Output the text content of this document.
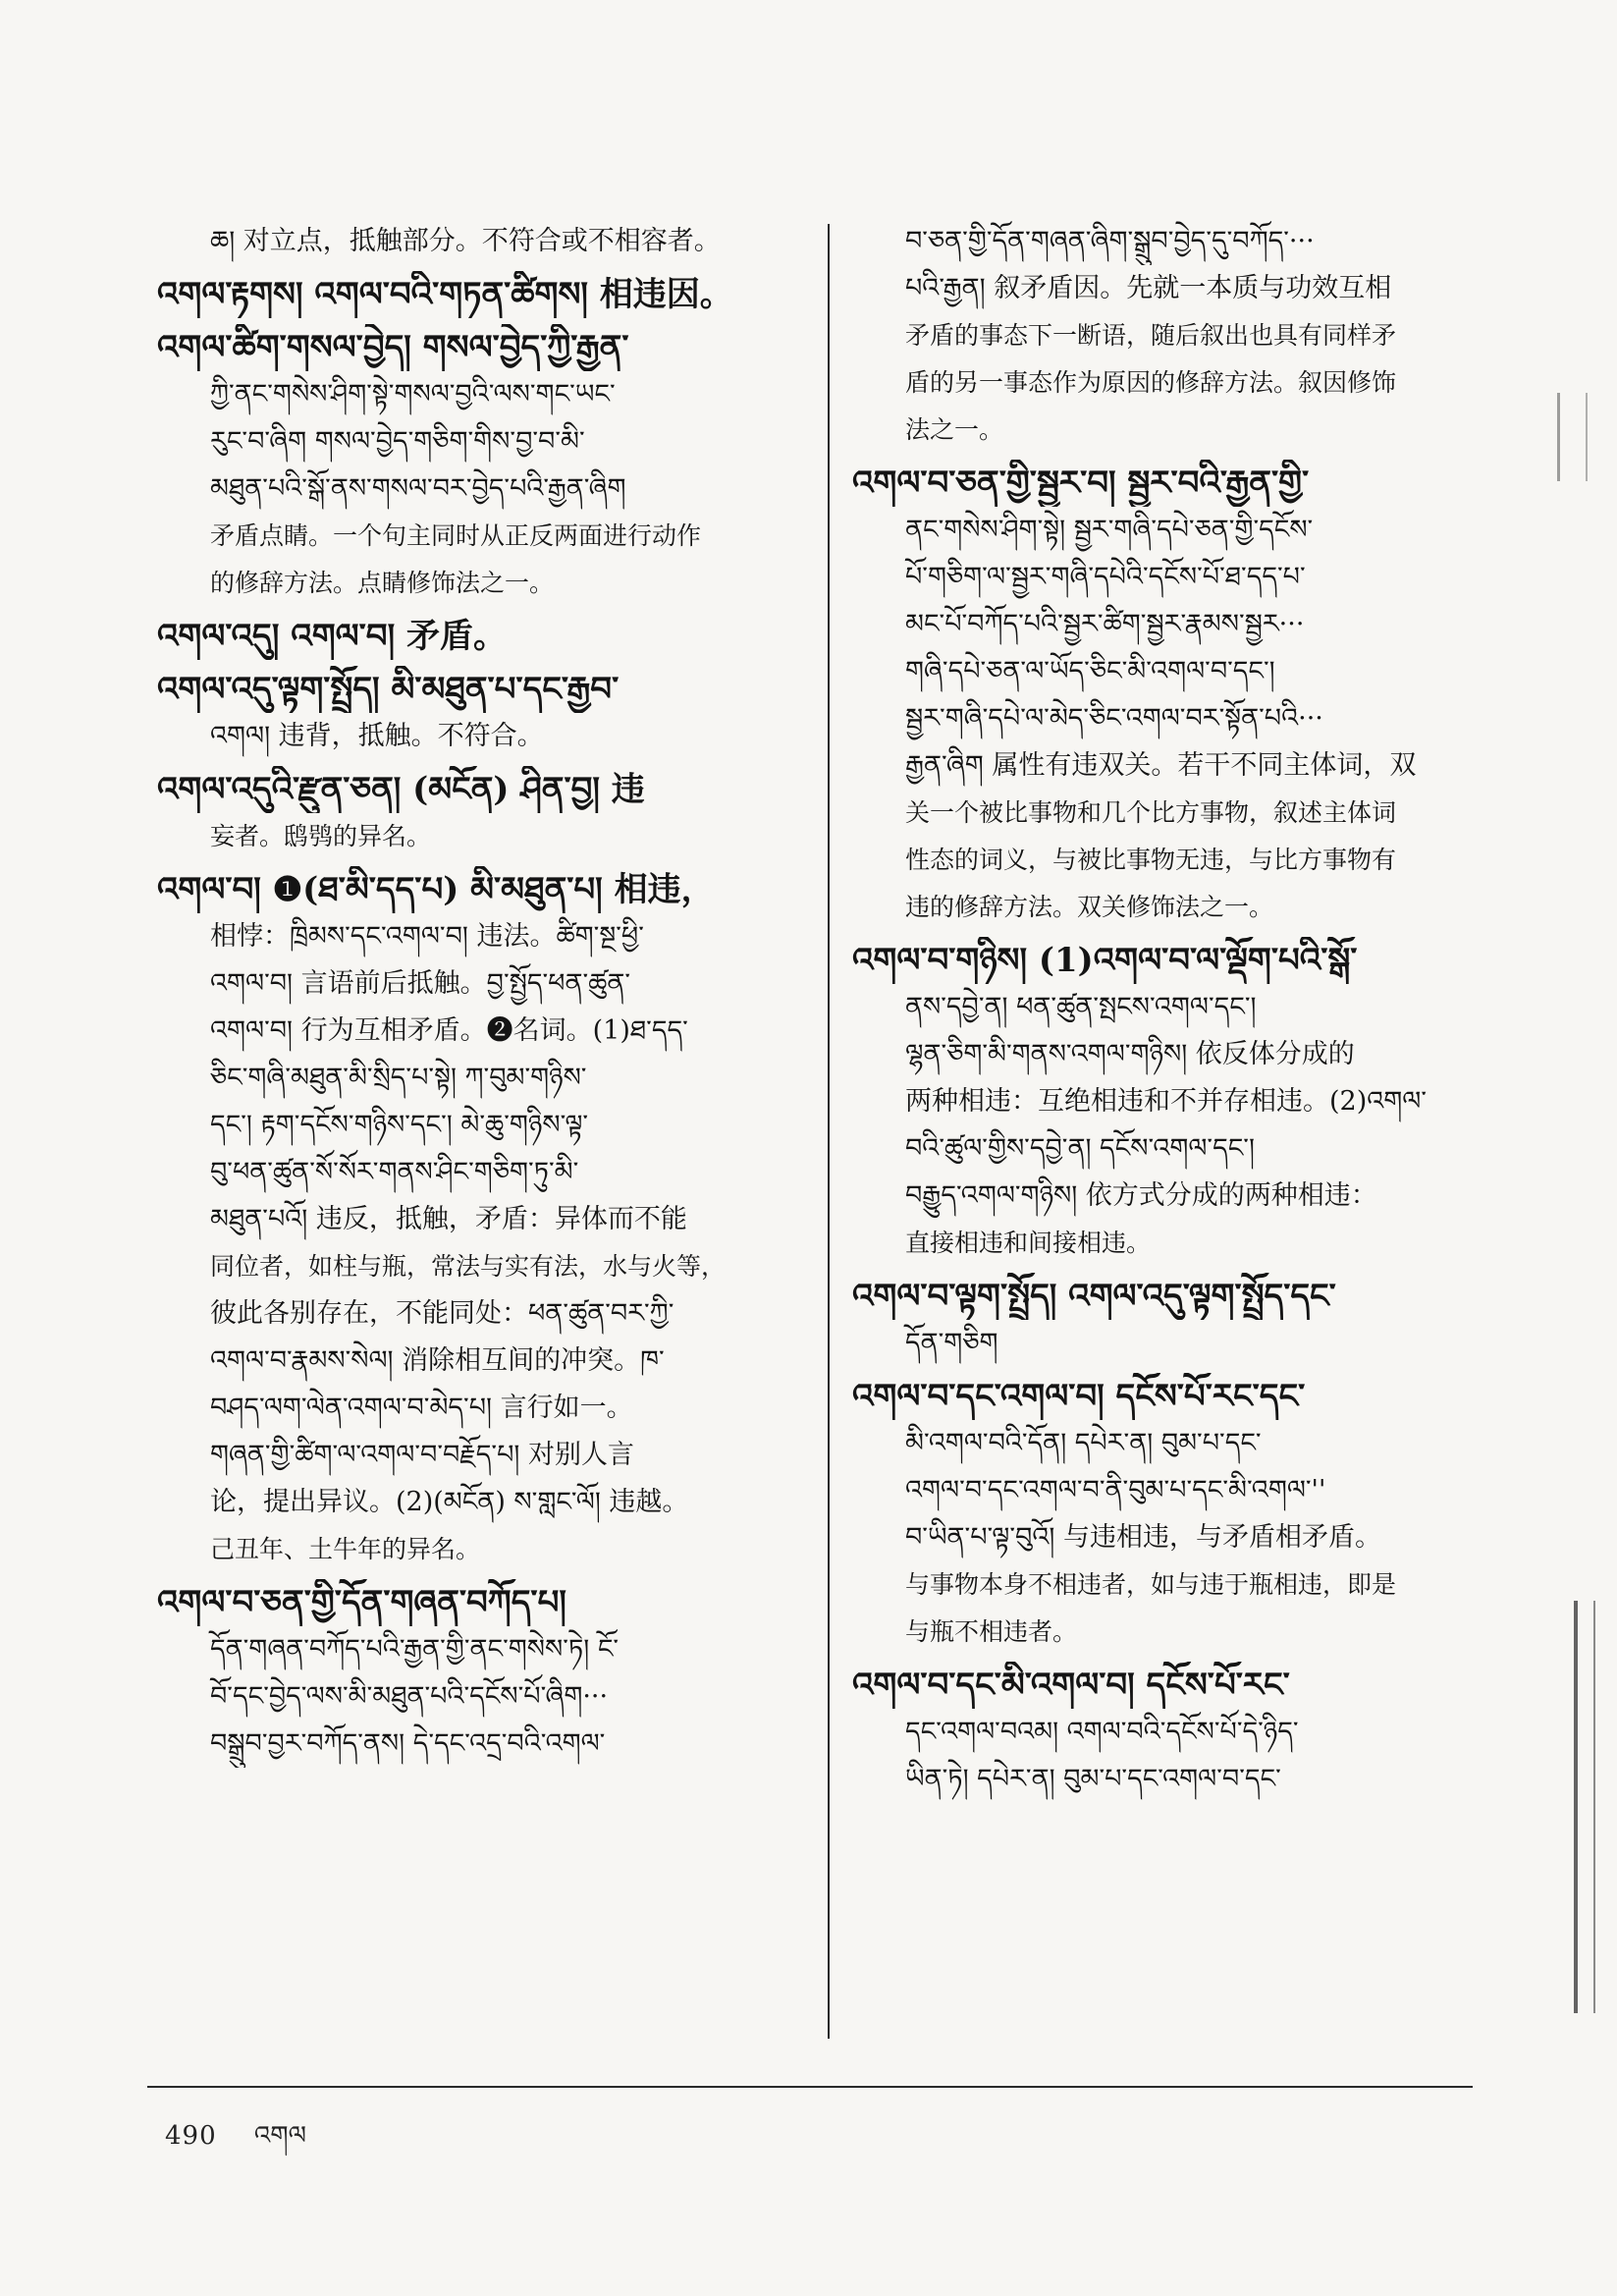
ཆ། 对立点，抵触部分。不符合或不相容者。
འགལ་རྟགས། འགལ་བའི་གཏན་ཚིགས། 相违因。
འགལ་ཚིག་གསལ་བྱེད། གསལ་བྱེད་ཀྱི་རྒྱན་
ཀྱི་ནང་གསེས་ཤིག་སྟེ་གསལ་བྱའི་ལས་གང་ཡང་
རུང་བ་ཞིག གསལ་བྱེད་གཅིག་གིས་བྱ་བ་མི་
མཐུན་པའི་སྒོ་ནས་གསལ་བར་བྱེད་པའི་རྒྱན་ཞིག
矛盾点睛。一个句主同时从正反两面进行动作
的修辞方法。点睛修饰法之一。
འགལ་འདུ། འགལ་བ། 矛盾。
འགལ་འདུ་ལྟག་སྤྲོད། མི་མཐུན་པ་དང་རྒྱབ་
འགལ། 违背，抵触。不符合。
འགལ་འདུའི་རྫུན་ཅན། (མངོན) ཤིན་བྱ། 违
妄者。鸱鸮的异名。
འགལ་བ། ❶(ཐ་མི་དད་པ) མི་མཐུན་པ། 相违，
相悖：ཁྲིམས་དང་འགལ་བ། 违法。ཚིག་སྔ་ཕྱི་
འགལ་བ། 言语前后抵触。བྱ་སྤྱོད་ཕན་ཚུན་
འགལ་བ། 行为互相矛盾。❷名词。(1)ཐ་དད་
ཅིང་གཞི་མཐུན་མི་སྲིད་པ་སྟེ། ཀ་བུམ་གཉིས་
དང་། རྟག་དངོས་གཉིས་དང་། མེ་ཆུ་གཉིས་ལྟ་
བུ་ཕན་ཚུན་སོ་སོར་གནས་ཤིང་གཅིག་ཏུ་མི་
མཐུན་པའོ། 违反，抵触，矛盾：异体而不能
同位者，如柱与瓶，常法与实有法，水与火等，
彼此各别存在，不能同处：ཕན་ཚུན་བར་ཀྱི་
འགལ་བ་རྣམས་སེལ། 消除相互间的冲突。ཁ་
བཤད་ལག་ལེན་འགལ་བ་མེད་པ། 言行如一。
གཞན་གྱི་ཚིག་ལ་འགལ་བ་བརྗོད་པ། 对别人言
论，提出异议。(2)(མངོན) ས་གླང་ལོ། 违越。
己丑年、土牛年的异名。
འགལ་བ་ཅན་གྱི་དོན་གཞན་བཀོད་པ།
དོན་གཞན་བཀོད་པའི་རྒྱན་གྱི་ནང་གསེས་ཏེ། ངོ་
བོ་དང་བྱེད་ལས་མི་མཐུན་པའི་དངོས་པོ་ཞིག···
བསྒྲུབ་བྱར་བཀོད་ནས། དེ་དང་འདྲ་བའི་འགལ་
བ་ཅན་གྱི་དོན་གཞན་ཞིག་སྒྲུབ་བྱེད་དུ་བཀོད་···
པའི་རྒྱན། 叙矛盾因。先就一本质与功效互相
矛盾的事态下一断语，随后叙出也具有同样矛
盾的另一事态作为原因的修辞方法。叙因修饰
法之一。
འགལ་བ་ཅན་གྱི་སྦྱར་བ། སྦྱར་བའི་རྒྱན་གྱི་
ནང་གསེས་ཤིག་སྟེ། སྦྱར་གཞི་དཔེ་ཅན་གྱི་དངོས་
པོ་གཅིག་ལ་སྦྱར་གཞི་དཔེའི་དངོས་པོ་ཐ་དད་པ་
མང་པོ་བཀོད་པའི་སྦྱར་ཚིག་སྦྱར་རྣམས་སྦྱར···
གཞི་དཔེ་ཅན་ལ་ཡོད་ཅིང་མི་འགལ་བ་དང་།
སྦྱར་གཞི་དཔེ་ལ་མེད་ཅིང་འགལ་བར་སྟོན་པའི···
རྒྱན་ཞིག 属性有违双关。若干不同主体词，双
关一个被比事物和几个比方事物，叙述主体词
性态的词义，与被比事物无违，与比方事物有
违的修辞方法。双关修饰法之一。
འགལ་བ་གཉིས། (1)འགལ་བ་ལ་ལྡོག་པའི་སྒོ་
ནས་དབྱེ་ན། ཕན་ཚུན་སྤངས་འགལ་དང་།
ལྷན་ཅིག་མི་གནས་འགལ་གཉིས། 依反体分成的
两种相违：互绝相违和不并存相违。(2)འགལ་
བའི་ཚུལ་གྱིས་དབྱེ་ན། དངོས་འགལ་དང་།
བརྒྱུད་འགལ་གཉིས། 依方式分成的两种相违：
直接相违和间接相违。
འགལ་བ་ལྟག་སྤྲོད། འགལ་འདུ་ལྟག་སྤྲོད་དང་
དོན་གཅིག
འགལ་བ་དང་འགལ་བ། དངོས་པོ་རང་དང་
མི་འགལ་བའི་དོན། དཔེར་ན། བུམ་པ་དང་
འགལ་བ་དང་འགལ་བ་ནི་བུམ་པ་དང་མི་འགལ་''
བ་ཡིན་པ་ལྟ་བུའོ། 与违相违，与矛盾相矛盾。
与事物本身不相违者，如与违于瓶相违，即是
与瓶不相违者。
འགལ་བ་དང་མི་འགལ་བ། དངོས་པོ་རང་
དང་འགལ་བའམ། འགལ་བའི་དངོས་པོ་དེ་ཉིད་
ཡིན་ཏེ། དཔེར་ན། བུམ་པ་དང་འགལ་བ་དང་
490 འགལ
